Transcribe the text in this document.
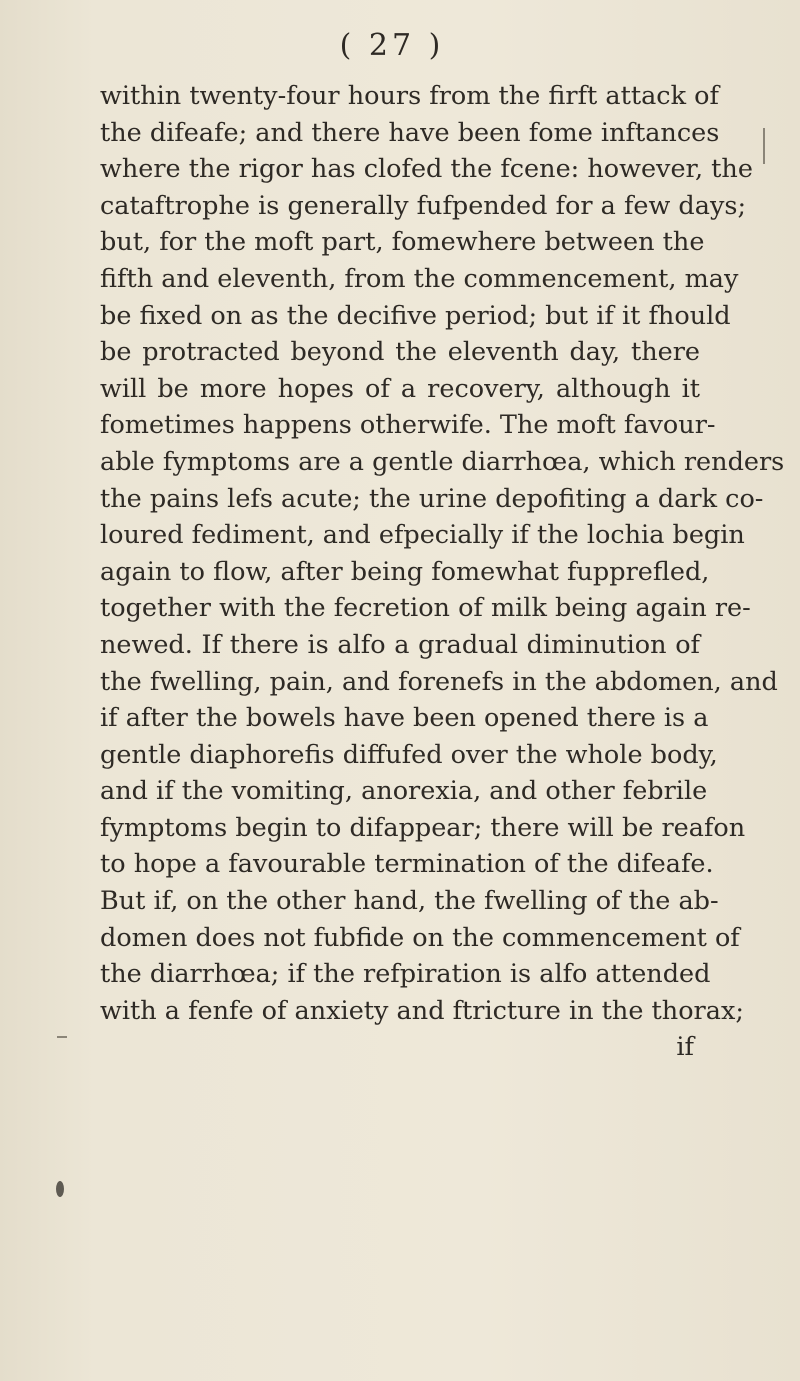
( 27 )
within twenty-four hours from the firft attack of
the difeafe; and there have been fome inftances
where the rigor has clofed the fcene: however, the
cataftrophe is generally fufpended for a few days;
but, for the moft part, fomewhere between the
fifth and eleventh, from the commencement, may
be fixed on as the decifive period; but if it fhould
be protracted beyond the eleventh day, there
will be more hopes of a recovery, although it
fometimes happens otherwife. The moft favour-
able fymptoms are a gentle diarrhœa, which renders
the pains lefs acute; the urine depofiting a dark co-
loured fediment, and efpecially if the lochia begin
again to flow, after being fomewhat fupprefled,
together with the fecretion of milk being again re-
newed. If there is alfo a gradual diminution of
the fwelling, pain, and forenefs in the abdomen, and
if after the bowels have been opened there is a
gentle diaphorefis diffufed over the whole body,
and if the vomiting, anorexia, and other febrile
fymptoms begin to difappear; there will be reafon
to hope a favourable termination of the difeafe.
But if, on the other hand, the fwelling of the ab-
domen does not fubfide on the commencement of
the diarrhœa; if the refpiration is alfo attended
with a fenfe of anxiety and ftricture in the thorax;
if
